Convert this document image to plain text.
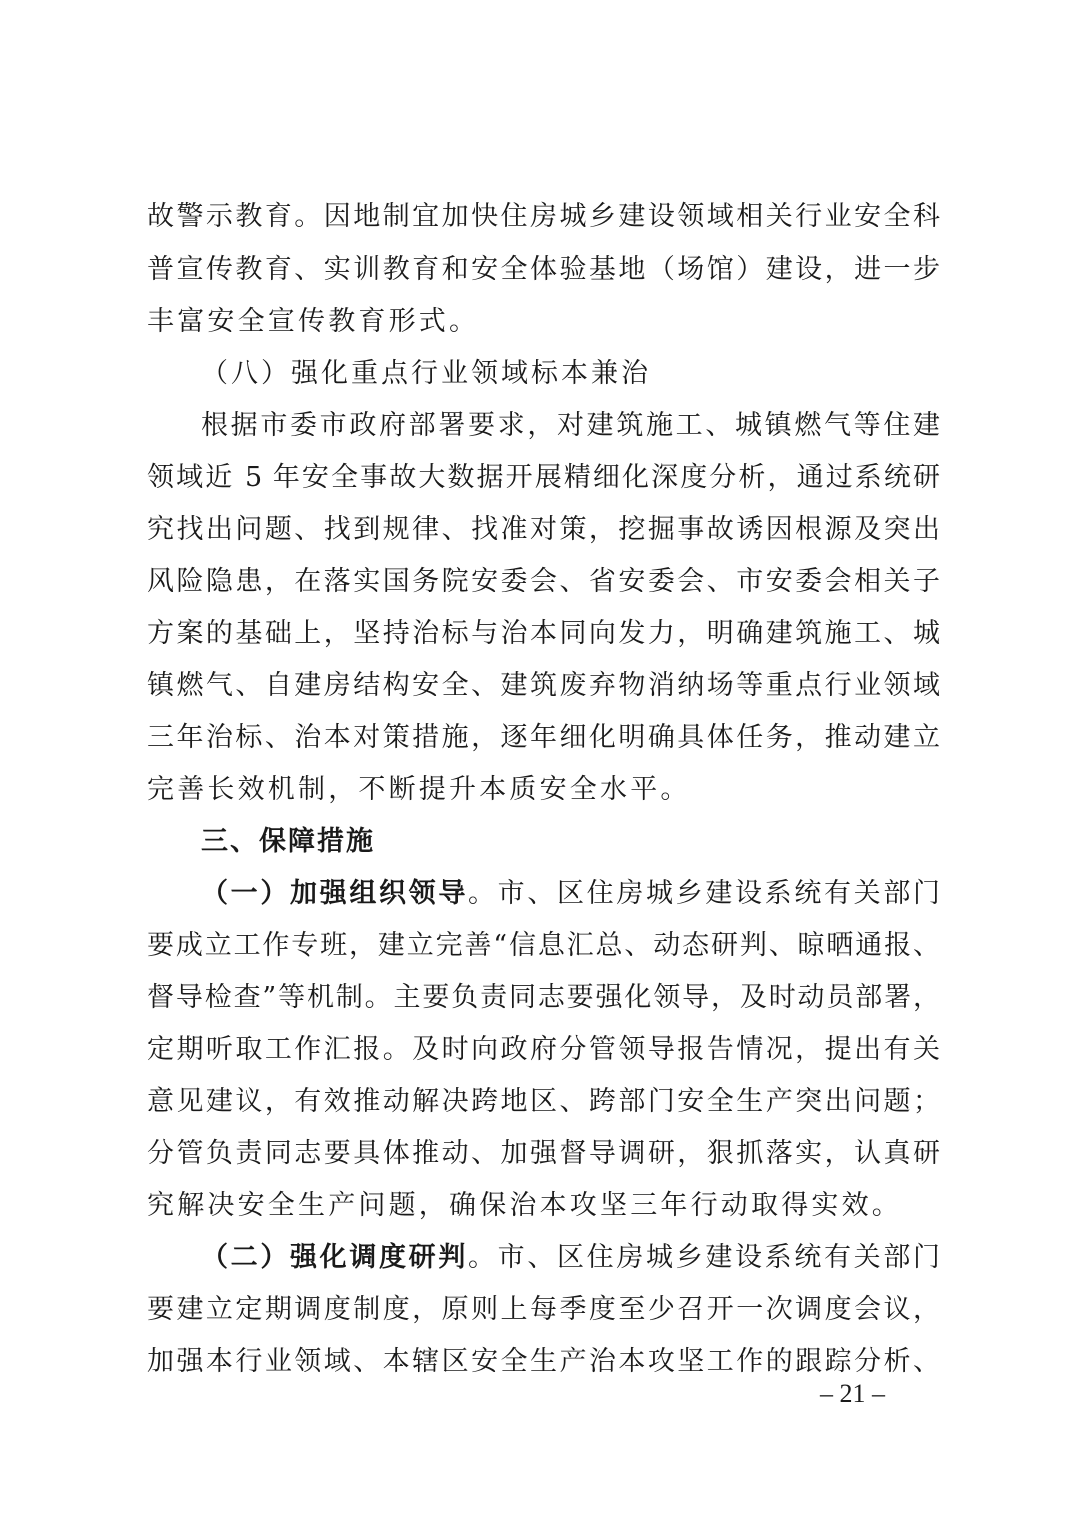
故警示教育。因地制宜加快住房城乡建设领域相关行业安全科
普宣传教育、实训教育和安全体验基地（场馆）建设，进一步
丰富安全宣传教育形式。
（八）强化重点行业领域标本兼治
根据市委市政府部署要求，对建筑施工、城镇燃气等住建
领域近 5 年安全事故大数据开展精细化深度分析，通过系统研
究找出问题、找到规律、找准对策，挖掘事故诱因根源及突出
风险隐患，在落实国务院安委会、省安委会、市安委会相关子
方案的基础上，坚持治标与治本同向发力，明确建筑施工、城
镇燃气、自建房结构安全、建筑废弃物消纳场等重点行业领域
三年治标、治本对策措施，逐年细化明确具体任务，推动建立
完善长效机制，不断提升本质安全水平。
三、保障措施
（一）加强组织领导。市、区住房城乡建设系统有关部门
要成立工作专班，建立完善“信息汇总、动态研判、晾晒通报、
督导检查”等机制。主要负责同志要强化领导，及时动员部署，
定期听取工作汇报。及时向政府分管领导报告情况，提出有关
意见建议，有效推动解决跨地区、跨部门安全生产突出问题；
分管负责同志要具体推动、加强督导调研，狠抓落实，认真研
究解决安全生产问题，确保治本攻坚三年行动取得实效。
（二）强化调度研判。市、区住房城乡建设系统有关部门
要建立定期调度制度，原则上每季度至少召开一次调度会议，
加强本行业领域、本辖区安全生产治本攻坚工作的跟踪分析、
– 21 –
